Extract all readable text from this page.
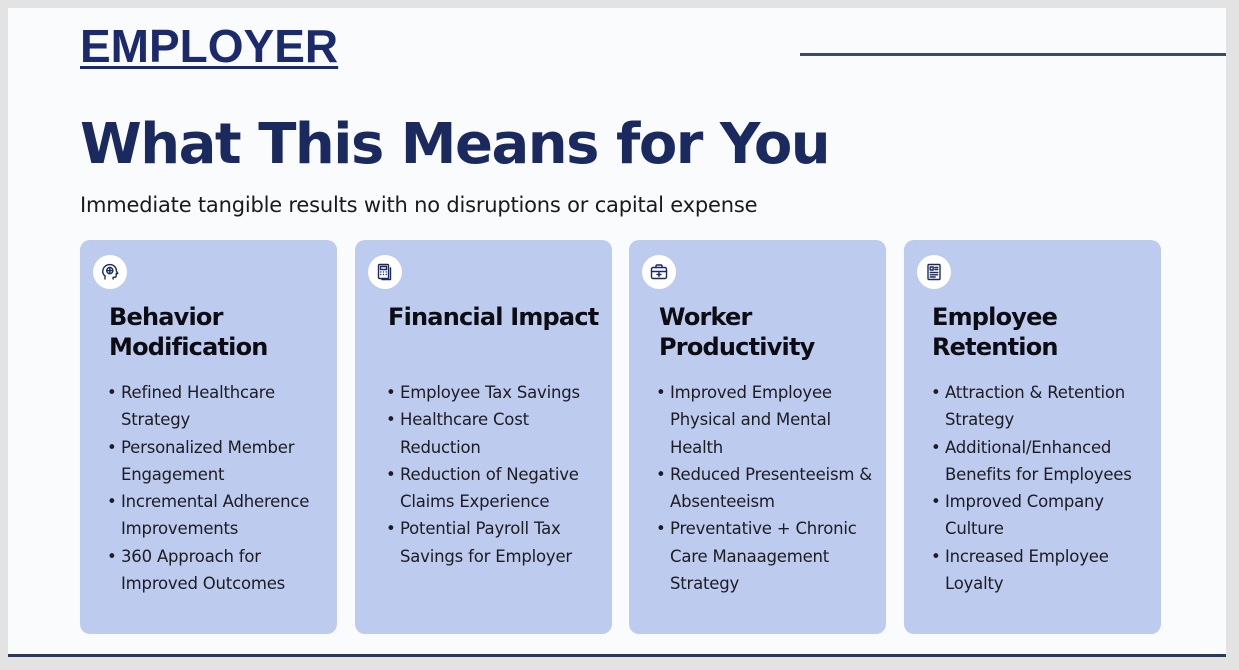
EMPLOYER
What This Means for You

Immediate tangible results with no disruptions or capital expense

Behavior Modification
• Refined Healthcare Strategy
• Personalized Member Engagement
• Incremental Adherence Improvements
• 360 Approach for Improved Outcomes
Financial Impact
• Employee Tax Savings
• Healthcare Cost Reduction
• Reduction of Negative Claims Experience
• Potential Payroll Tax Savings for Employer
Worker Productivity
• Improved Employee Physical and Mental Health
• Reduced Presenteeism & Absenteeism
• Preventative + Chronic Care Manaagement Strategy
Employee Retention
• Attraction & Retention Strategy
• Additional/Enhanced Benefits for Employees
• Improved Company Culture
• Increased Employee Loyalty
